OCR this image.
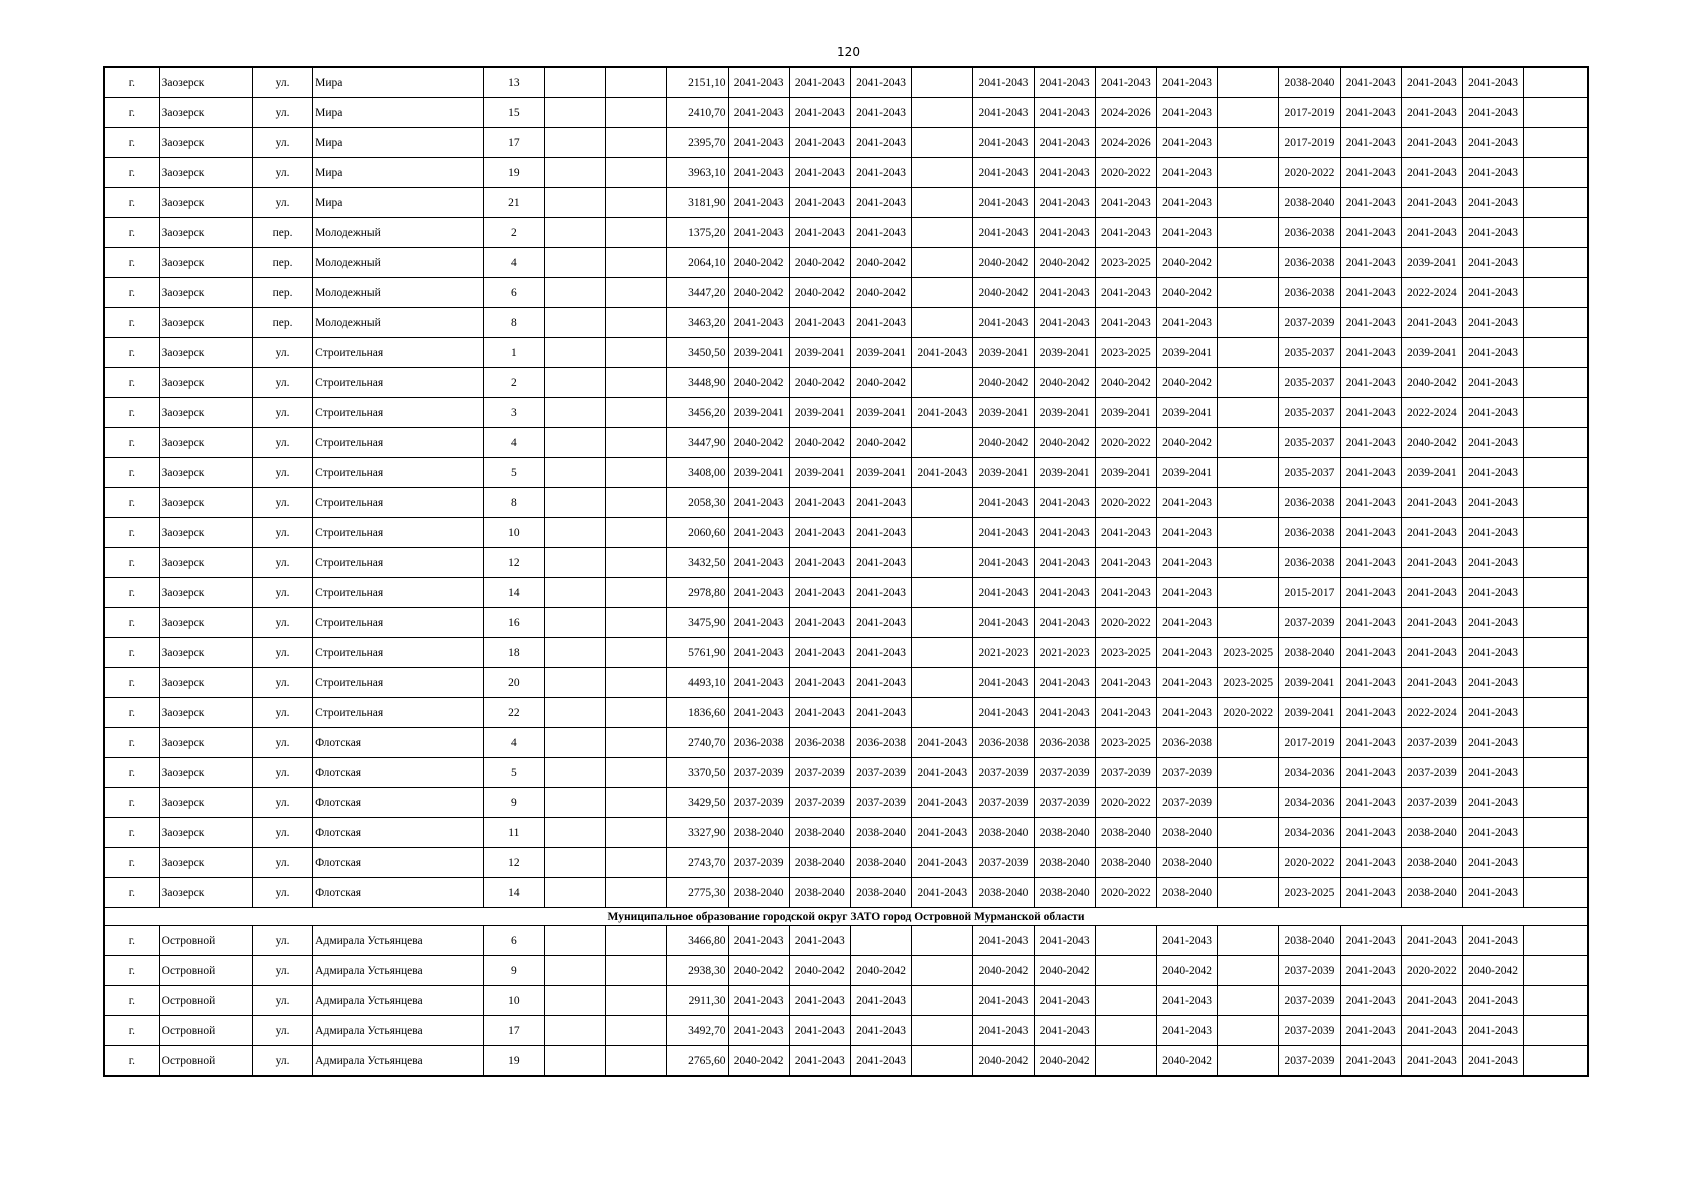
120
г.	Заозерск	ул.	Мира	13			2151,10	2041-2043	2041-2043	2041-2043		2041-2043	2041-2043	2041-2043	2041-2043		2038-2040	2041-2043	2041-2043	2041-2043	
г.	Заозерск	ул.	Мира	15			2410,70	2041-2043	2041-2043	2041-2043		2041-2043	2041-2043	2024-2026	2041-2043		2017-2019	2041-2043	2041-2043	2041-2043	
г.	Заозерск	ул.	Мира	17			2395,70	2041-2043	2041-2043	2041-2043		2041-2043	2041-2043	2024-2026	2041-2043		2017-2019	2041-2043	2041-2043	2041-2043	
г.	Заозерск	ул.	Мира	19			3963,10	2041-2043	2041-2043	2041-2043		2041-2043	2041-2043	2020-2022	2041-2043		2020-2022	2041-2043	2041-2043	2041-2043	
г.	Заозерск	ул.	Мира	21			3181,90	2041-2043	2041-2043	2041-2043		2041-2043	2041-2043	2041-2043	2041-2043		2038-2040	2041-2043	2041-2043	2041-2043	
г.	Заозерск	пер.	Молодежный	2			1375,20	2041-2043	2041-2043	2041-2043		2041-2043	2041-2043	2041-2043	2041-2043		2036-2038	2041-2043	2041-2043	2041-2043	
г.	Заозерск	пер.	Молодежный	4			2064,10	2040-2042	2040-2042	2040-2042		2040-2042	2040-2042	2023-2025	2040-2042		2036-2038	2041-2043	2039-2041	2041-2043	
г.	Заозерск	пер.	Молодежный	6			3447,20	2040-2042	2040-2042	2040-2042		2040-2042	2041-2043	2041-2043	2040-2042		2036-2038	2041-2043	2022-2024	2041-2043	
г.	Заозерск	пер.	Молодежный	8			3463,20	2041-2043	2041-2043	2041-2043		2041-2043	2041-2043	2041-2043	2041-2043		2037-2039	2041-2043	2041-2043	2041-2043	
г.	Заозерск	ул.	Строительная	1			3450,50	2039-2041	2039-2041	2039-2041	2041-2043	2039-2041	2039-2041	2023-2025	2039-2041		2035-2037	2041-2043	2039-2041	2041-2043	
г.	Заозерск	ул.	Строительная	2			3448,90	2040-2042	2040-2042	2040-2042		2040-2042	2040-2042	2040-2042	2040-2042		2035-2037	2041-2043	2040-2042	2041-2043	
г.	Заозерск	ул.	Строительная	3			3456,20	2039-2041	2039-2041	2039-2041	2041-2043	2039-2041	2039-2041	2039-2041	2039-2041		2035-2037	2041-2043	2022-2024	2041-2043	
г.	Заозерск	ул.	Строительная	4			3447,90	2040-2042	2040-2042	2040-2042		2040-2042	2040-2042	2020-2022	2040-2042		2035-2037	2041-2043	2040-2042	2041-2043	
г.	Заозерск	ул.	Строительная	5			3408,00	2039-2041	2039-2041	2039-2041	2041-2043	2039-2041	2039-2041	2039-2041	2039-2041		2035-2037	2041-2043	2039-2041	2041-2043	
г.	Заозерск	ул.	Строительная	8			2058,30	2041-2043	2041-2043	2041-2043		2041-2043	2041-2043	2020-2022	2041-2043		2036-2038	2041-2043	2041-2043	2041-2043	
г.	Заозерск	ул.	Строительная	10			2060,60	2041-2043	2041-2043	2041-2043		2041-2043	2041-2043	2041-2043	2041-2043		2036-2038	2041-2043	2041-2043	2041-2043	
г.	Заозерск	ул.	Строительная	12			3432,50	2041-2043	2041-2043	2041-2043		2041-2043	2041-2043	2041-2043	2041-2043		2036-2038	2041-2043	2041-2043	2041-2043	
г.	Заозерск	ул.	Строительная	14			2978,80	2041-2043	2041-2043	2041-2043		2041-2043	2041-2043	2041-2043	2041-2043		2015-2017	2041-2043	2041-2043	2041-2043	
г.	Заозерск	ул.	Строительная	16			3475,90	2041-2043	2041-2043	2041-2043		2041-2043	2041-2043	2020-2022	2041-2043		2037-2039	2041-2043	2041-2043	2041-2043	
г.	Заозерск	ул.	Строительная	18			5761,90	2041-2043	2041-2043	2041-2043		2021-2023	2021-2023	2023-2025	2041-2043	2023-2025	2038-2040	2041-2043	2041-2043	2041-2043	
г.	Заозерск	ул.	Строительная	20			4493,10	2041-2043	2041-2043	2041-2043		2041-2043	2041-2043	2041-2043	2041-2043	2023-2025	2039-2041	2041-2043	2041-2043	2041-2043	
г.	Заозерск	ул.	Строительная	22			1836,60	2041-2043	2041-2043	2041-2043		2041-2043	2041-2043	2041-2043	2041-2043	2020-2022	2039-2041	2041-2043	2022-2024	2041-2043	
г.	Заозерск	ул.	Флотская	4			2740,70	2036-2038	2036-2038	2036-2038	2041-2043	2036-2038	2036-2038	2023-2025	2036-2038		2017-2019	2041-2043	2037-2039	2041-2043	
г.	Заозерск	ул.	Флотская	5			3370,50	2037-2039	2037-2039	2037-2039	2041-2043	2037-2039	2037-2039	2037-2039	2037-2039		2034-2036	2041-2043	2037-2039	2041-2043	
г.	Заозерск	ул.	Флотская	9			3429,50	2037-2039	2037-2039	2037-2039	2041-2043	2037-2039	2037-2039	2020-2022	2037-2039		2034-2036	2041-2043	2037-2039	2041-2043	
г.	Заозерск	ул.	Флотская	11			3327,90	2038-2040	2038-2040	2038-2040	2041-2043	2038-2040	2038-2040	2038-2040	2038-2040		2034-2036	2041-2043	2038-2040	2041-2043	
г.	Заозерск	ул.	Флотская	12			2743,70	2037-2039	2038-2040	2038-2040	2041-2043	2037-2039	2038-2040	2038-2040	2038-2040		2020-2022	2041-2043	2038-2040	2041-2043	
г.	Заозерск	ул.	Флотская	14			2775,30	2038-2040	2038-2040	2038-2040	2041-2043	2038-2040	2038-2040	2020-2022	2038-2040		2023-2025	2041-2043	2038-2040	2041-2043	
Муниципальное образование городской округ ЗАТО город Островной Мурманской области																					
г.	Островной	ул.	Адмирала Устьянцева	6			3466,80	2041-2043	2041-2043			2041-2043	2041-2043		2041-2043		2038-2040	2041-2043	2041-2043	2041-2043	
г.	Островной	ул.	Адмирала Устьянцева	9			2938,30	2040-2042	2040-2042	2040-2042		2040-2042	2040-2042		2040-2042		2037-2039	2041-2043	2020-2022	2040-2042	
г.	Островной	ул.	Адмирала Устьянцева	10			2911,30	2041-2043	2041-2043	2041-2043		2041-2043	2041-2043		2041-2043		2037-2039	2041-2043	2041-2043	2041-2043	
г.	Островной	ул.	Адмирала Устьянцева	17			3492,70	2041-2043	2041-2043	2041-2043		2041-2043	2041-2043		2041-2043		2037-2039	2041-2043	2041-2043	2041-2043	
г.	Островной	ул.	Адмирала Устьянцева	19			2765,60	2040-2042	2041-2043	2041-2043		2040-2042	2040-2042		2040-2042		2037-2039	2041-2043	2041-2043	2041-2043	
